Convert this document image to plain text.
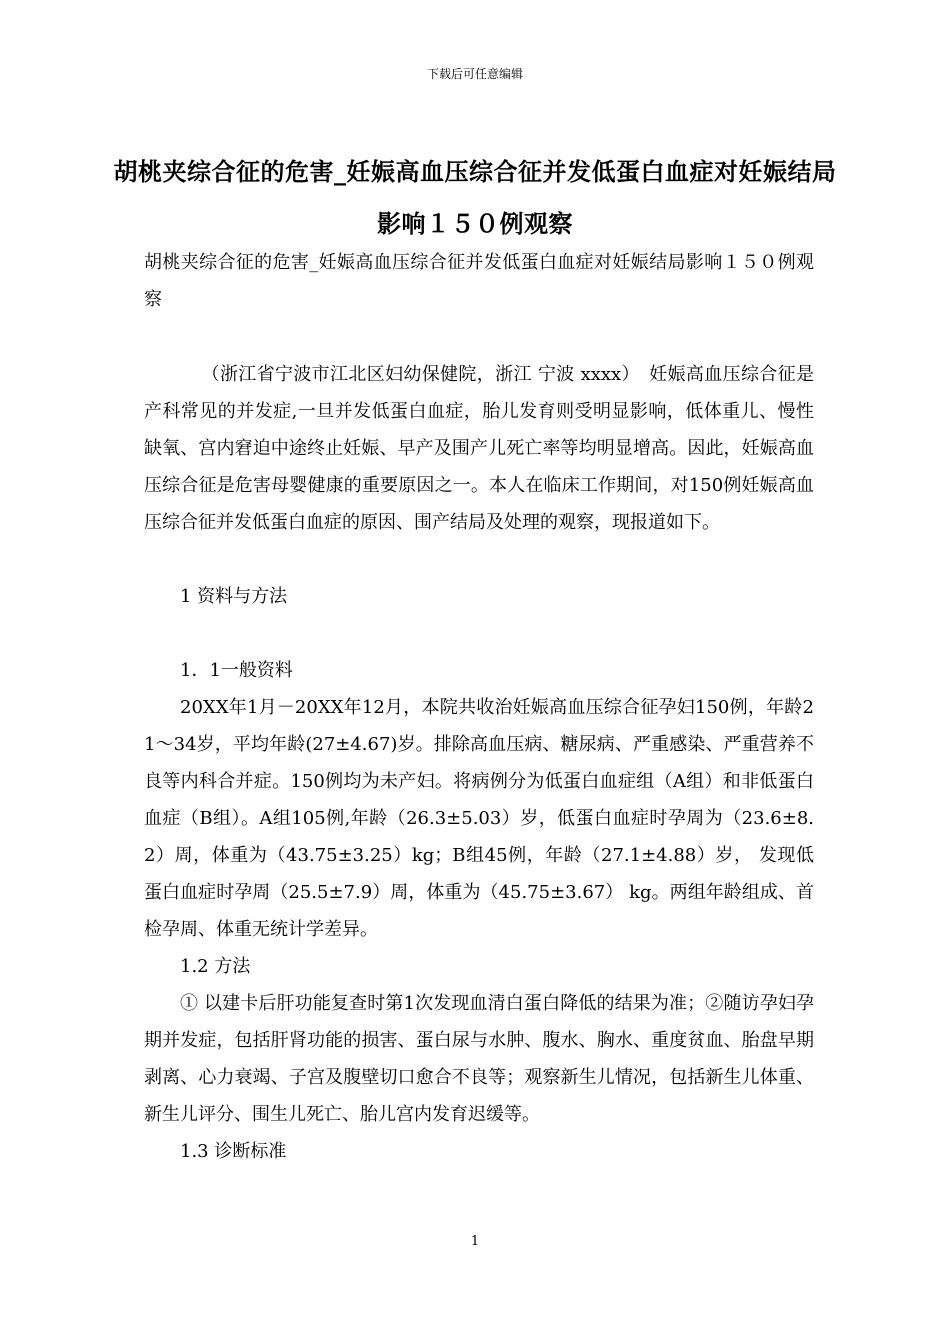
下载后可任意编辑
胡桃夹综合征的危害_妊娠高血压综合征并发低蛋白血症对妊娠结局影响１５０例观察

胡桃夹综合征的危害_妊娠高血压综合征并发低蛋白血症对妊娠结局影响１５０例观察

（浙江省宁波市江北区妇幼保健院，浙江 宁波 xxxx）　妊娠高血压综合征是产科常见的并发症,一旦并发低蛋白血症，胎儿发育则受明显影响，低体重儿、慢性缺氧、宫内窘迫中途终止妊娠、早产及围产儿死亡率等均明显增高。因此，妊娠高血压综合征是危害母婴健康的重要原因之一。本人在临床工作期间，对150例妊娠高血压综合征并发低蛋白血症的原因、围产结局及处理的观察，现报道如下。

1 资料与方法

1．1一般资料

20XX年1月－20XX年12月，本院共收治妊娠高血压综合征孕妇150例，年龄21～34岁，平均年龄(27±4.67)岁。排除高血压病、糖尿病、严重感染、严重营养不良等内科合并症。150例均为未产妇。将病例分为低蛋白血症组（A组）和非低蛋白血症（B组）。A组105例,年龄（26.3±5.03）岁，低蛋白血症时孕周为（23.6±8.2）周，体重为（43.75±3.25）kg；B组45例，年龄（27.1±4.88）岁， 发现低蛋白血症时孕周（25.5±7.9）周，体重为（45.75±3.67） kg。两组年龄组成、首检孕周、体重无统计学差异。

1.2 方法

① 以建卡后肝功能复查时第1次发现血清白蛋白降低的结果为准；②随访孕妇孕期并发症，包括肝肾功能的损害、蛋白尿与水肿、腹水、胸水、重度贫血、胎盘早期剥离、心力衰竭、子宫及腹壁切口愈合不良等；观察新生儿情况，包括新生儿体重、新生儿评分、围生儿死亡、胎儿宫内发育迟缓等。

1.3 诊断标准

1
